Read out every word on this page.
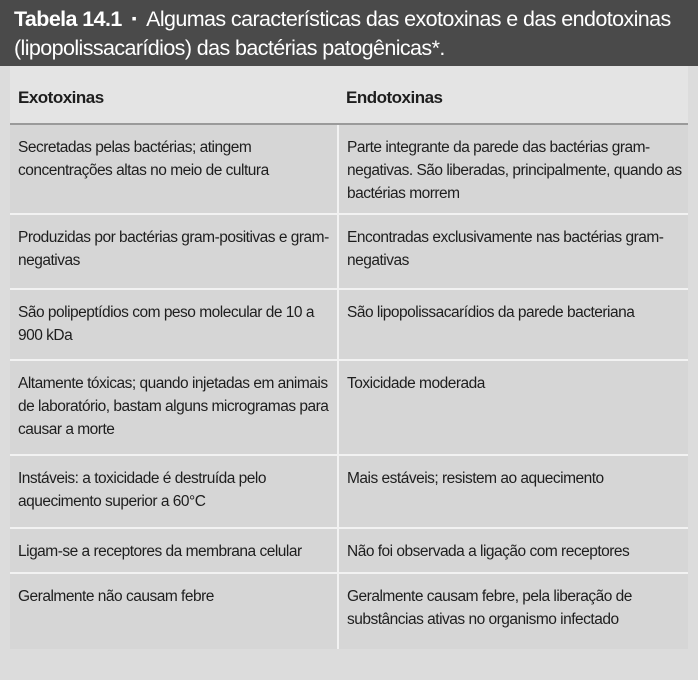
Tabela 14.1 ▪ Algumas características das exotoxinas e das endotoxinas (lipopolissacarídios) das bactérias patogênicas*.
Exotoxinas	Endotoxinas
Secretadas pelas bactérias; atingem concentrações altas no meio de cultura	Parte integrante da parede das bactérias gram-negativas. São liberadas, principalmente, quando as bactérias morrem
Produzidas por bactérias gram-positivas e gram-negativas	Encontradas exclusivamente nas bactérias gram-negativas
São polipeptídios com peso molecular de 10 a 900 kDa	São lipopolissacarídios da parede bacteriana
Altamente tóxicas; quando injetadas em animais de laboratório, bastam alguns microgramas para causar a morte	Toxicidade moderada
Instáveis: a toxicidade é destruída pelo aquecimento superior a 60°C	Mais estáveis; resistem ao aquecimento
Ligam-se a receptores da membrana celular	Não foi observada a ligação com receptores
Geralmente não causam febre	Geralmente causam febre, pela liberação de substâncias ativas no organismo infectado
